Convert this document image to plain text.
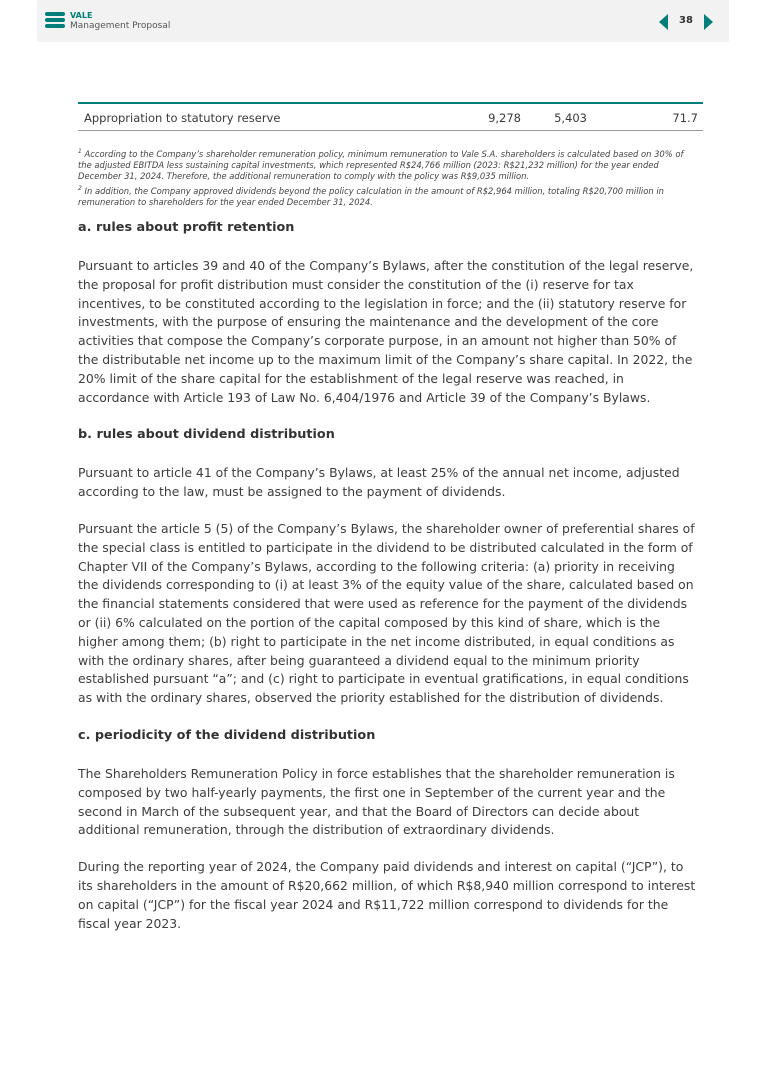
VALE
Management Proposal	38
Appropriation to statutory reserve	9,278	5,403	71.7

$^1$ According to the Company’s shareholder remuneration policy, minimum remuneration to Vale S.A. shareholders is calculated based on 30% of the adjusted EBITDA less sustaining capital investments, which represented R$24,766 million (2023: R$21,232 million) for the year ended December 31, 2024. Therefore, the additional remuneration to comply with the policy was R$9,035 million.

$^2$ In addition, the Company approved dividends beyond the policy calculation in the amount of R$2,964 million, totaling R$20,700 million in remuneration to shareholders for the year ended December 31, 2024.

a. rules about profit retention

Pursuant to articles 39 and 40 of the Company’s Bylaws, after the constitution of the legal reserve, the proposal for profit distribution must consider the constitution of the (i) reserve for tax incentives, to be constituted according to the legislation in force; and the (ii) statutory reserve for investments, with the purpose of ensuring the maintenance and the development of the core activities that compose the Company’s corporate purpose, in an amount not higher than 50% of the distributable net income up to the maximum limit of the Company’s share capital. In 2022, the 20% limit of the share capital for the establishment of the legal reserve was reached, in accordance with Article 193 of Law No. 6,404/1976 and Article 39 of the Company’s Bylaws.

b. rules about dividend distribution

Pursuant to article 41 of the Company’s Bylaws, at least 25% of the annual net income, adjusted according to the law, must be assigned to the payment of dividends.

Pursuant the article 5 (5) of the Company’s Bylaws, the shareholder owner of preferential shares of the special class is entitled to participate in the dividend to be distributed calculated in the form of Chapter VII of the Company’s Bylaws, according to the following criteria: (a) priority in receiving the dividends corresponding to (i) at least 3% of the equity value of the share, calculated based on the financial statements considered that were used as reference for the payment of the dividends or (ii) 6% calculated on the portion of the capital composed by this kind of share, which is the higher among them; (b) right to participate in the net income distributed, in equal conditions as with the ordinary shares, after being guaranteed a dividend equal to the minimum priority established pursuant “a”; and (c) right to participate in eventual gratifications, in equal conditions as with the ordinary shares, observed the priority established for the distribution of dividends.

c. periodicity of the dividend distribution

The Shareholders Remuneration Policy in force establishes that the shareholder remuneration is composed by two half-yearly payments, the first one in September of the current year and the second in March of the subsequent year, and that the Board of Directors can decide about additional remuneration, through the distribution of extraordinary dividends.

During the reporting year of 2024, the Company paid dividends and interest on capital (“JCP”), to its shareholders in the amount of R$20,662 million, of which R$8,940 million correspond to interest on capital (“JCP”) for the fiscal year 2024 and R$11,722 million correspond to dividends for the fiscal year 2023.
